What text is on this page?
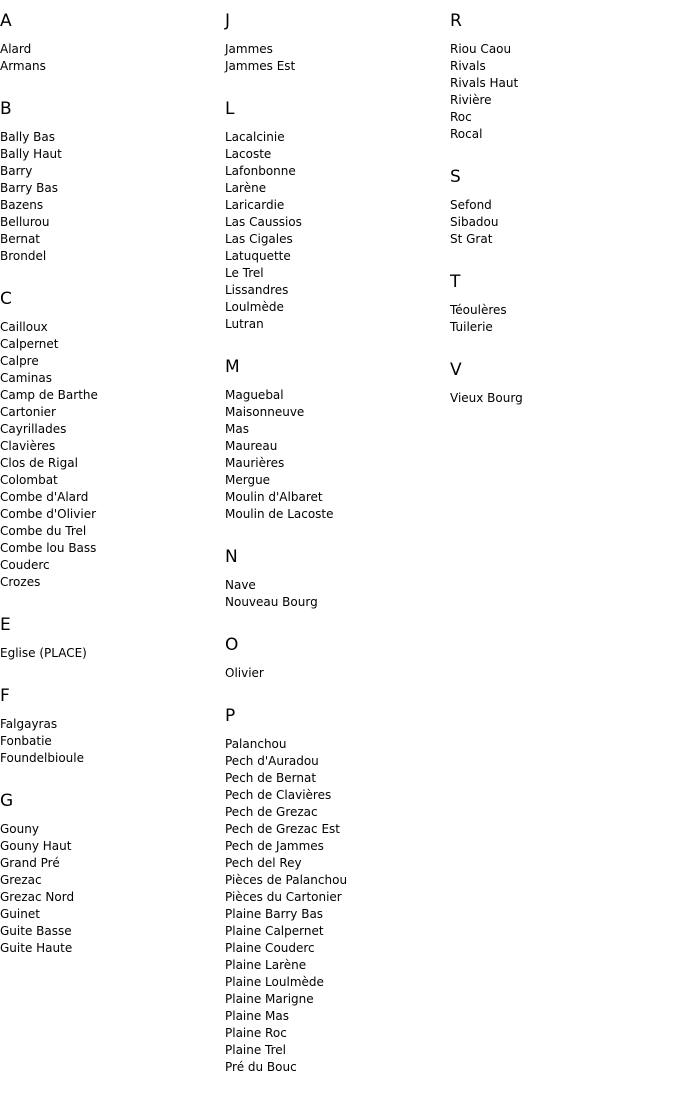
A
Alard
Armans
B
Bally Bas
Bally Haut
Barry
Barry Bas
Bazens
Bellurou
Bernat
Brondel
C
Cailloux
Calpernet
Calpre
Caminas
Camp de Barthe
Cartonier
Cayrillades
Clavières
Clos de Rigal
Colombat
Combe d'Alard
Combe d'Olivier
Combe du Trel
Combe lou Bass
Couderc
Crozes
E
Eglise (PLACE)
F
Falgayras
Fonbatie
Foundelbioule
G
Gouny
Gouny Haut
Grand Pré
Grezac
Grezac Nord
Guinet
Guite Basse
Guite Haute
J
Jammes
Jammes Est
L
Lacalcinie
Lacoste
Lafonbonne
Larène
Laricardie
Las Caussios
Las Cigales
Latuquette
Le Trel
Lissandres
Loulmède
Lutran
M
Maguebal
Maisonneuve
Mas
Maureau
Maurières
Mergue
Moulin d'Albaret
Moulin de Lacoste
N
Nave
Nouveau Bourg
O
Olivier
P
Palanchou
Pech d'Auradou
Pech de Bernat
Pech de Clavières
Pech de Grezac
Pech de Grezac Est
Pech de Jammes
Pech del Rey
Pièces de Palanchou
Pièces du Cartonier
Plaine Barry Bas
Plaine Calpernet
Plaine Couderc
Plaine Larène
Plaine Loulmède
Plaine Marigne
Plaine Mas
Plaine Roc
Plaine Trel
Pré du Bouc
R
Riou Caou
Rivals
Rivals Haut
Rivière
Roc
Rocal
S
Sefond
Sibadou
St Grat
T
Téoulères
Tuilerie
V
Vieux Bourg
